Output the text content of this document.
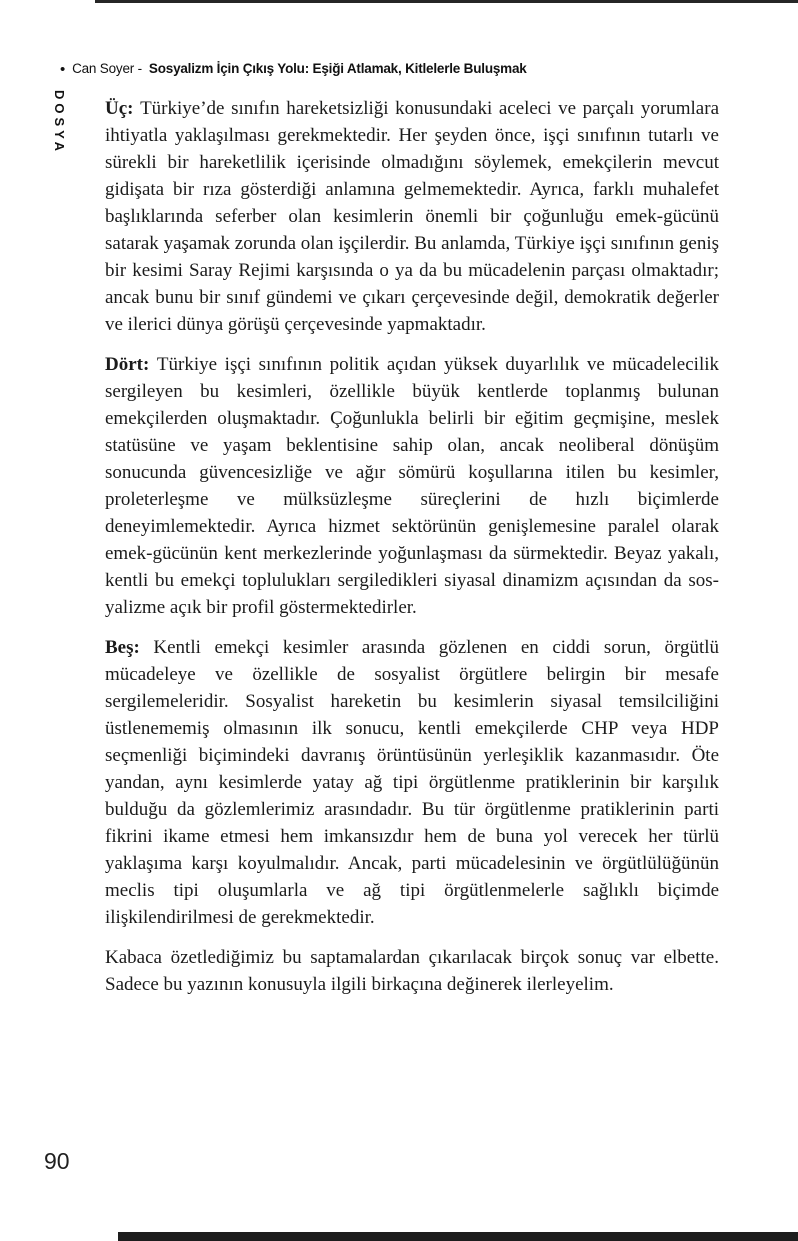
• Can Soyer - Sosyalizm İçin Çıkış Yolu: Eşiği Atlamak, Kitlelerle Buluşmak
DOSYA Üç: Türkiye’de sınıfın hareketsizliği konusundaki aceleci ve parçalı yorumlara ihtiyatla yaklaşılması gerekmektedir. Her şeyden önce, işçi sınıfının tutarlı ve sürekli bir hareketlilik içerisinde olmadığını söylemek, emekçilerin mevcut gidişata bir rıza gösterdiği anlamına gelmemektedir. Ayrıca, farklı muhalefet başlıklarında seferber olan kesimlerin önemli bir çoğunluğu emek-gücünü satarak yaşamak zorunda olan işçilerdir. Bu anlamda, Türkiye işçi sınıfının geniş bir kesimi Saray Rejimi karşısında o ya da bu mücadelenin parçası olmaktadır; ancak bunu bir sınıf gündemi ve çıkarı çerçevesinde değil, demokratik değerler ve ilerici dünya görüşü çerçevesinde yapmaktadır.

Dört: Türkiye işçi sınıfının politik açıdan yüksek duyarlılık ve mücadelecilik sergileyen bu kesimleri, özellikle büyük kentlerde toplanmış bulunan emekçilerden oluşmaktadır. Çoğunlukla belirli bir eğitim geçmişine, meslek statüsüne ve yaşam beklentisine sahip olan, ancak neoliberal dönüşüm sonucunda güvencesizliğe ve ağır sömürü koşullarına itilen bu kesimler, proleterleşme ve mülksüzleşme süreçlerini de hızlı biçimlerde deneyimlemektedir. Ayrıca hizmet sektörünün genişlemesine paralel olarak emek-gücünün kent merkezlerinde yoğunlaşması da sürmektedir. Beyaz yakalı, kentli bu emekçi toplulukları sergiledikleri siyasal dinamizm açısından da sosyalizme açık bir profil göstermektedirler.

Beş: Kentli emekçi kesimler arasında gözlenen en ciddi sorun, örgütlü mücadeleye ve özellikle de sosyalist örgütlere belirgin bir mesafe sergilemeleridir. Sosyalist hareketin bu kesimlerin siyasal temsilciliğini üstlenememiş olmasının ilk sonucu, kentli emekçilerde CHP veya HDP seçmenliği biçimindeki davranış örüntüsünün yerleşiklik kazanmasıdır. Öte yandan, aynı kesimlerde yatay ağ tipi örgütlenme pratiklerinin bir karşılık bulduğu da gözlemlerimiz arasındadır. Bu tür örgütlenme pratiklerinin parti fikrini ikame etmesi hem imkansızdır hem de buna yol verecek her türlü yaklaşıma karşı koyulmalıdır. Ancak, parti mücadelesinin ve örgütlülüğünün meclis tipi oluşumlarla ve ağ tipi örgütlenmelerle sağlıklı biçimde ilişkilendirilmesi de gerekmektedir.

Kabaca özetlediğimiz bu saptamalardan çıkarılacak birçok sonuç var elbette. Sadece bu yazının konusuyla ilgili birkaçına değinerek ilerleyelim.

90
